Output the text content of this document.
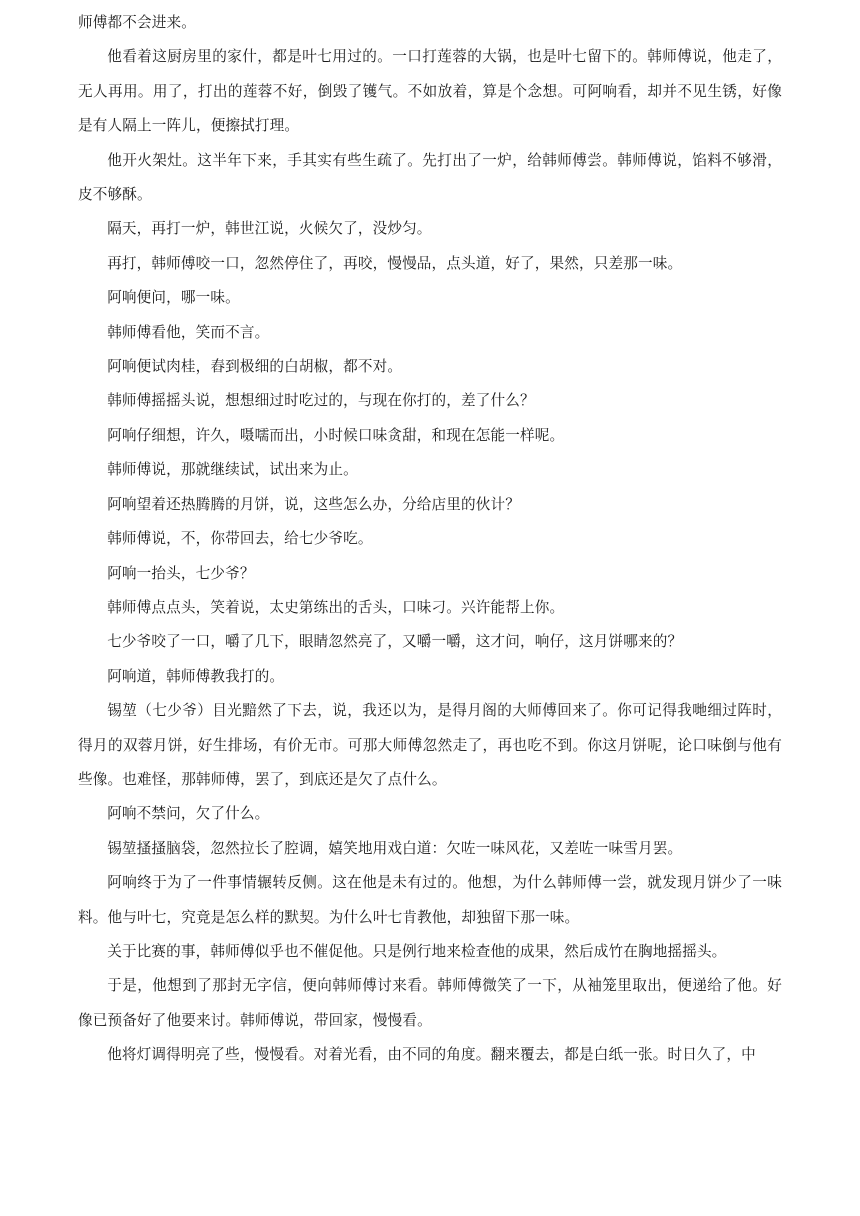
师傅都不会进来。

他看着这厨房里的家什，都是叶七用过的。一口打莲蓉的大锅，也是叶七留下的。韩师傅说，他走了，无人再用。用了，打出的莲蓉不好，倒毁了镬气。不如放着，算是个念想。可阿响看，却并不见生锈，好像是有人隔上一阵儿，便擦拭打理。

他开火架灶。这半年下来，手其实有些生疏了。先打出了一炉，给韩师傅尝。韩师傅说，馅料不够滑，皮不够酥。

隔天，再打一炉，韩世江说，火候欠了，没炒匀。

再打，韩师傅咬一口，忽然停住了，再咬，慢慢品，点头道，好了，果然，只差那一味。

阿响便问，哪一味。

韩师傅看他，笑而不言。

阿响便试肉桂，舂到极细的白胡椒，都不对。

韩师傅摇摇头说，想想细过时吃过的，与现在你打的，差了什么？

阿响仔细想，许久，嗫嚅而出，小时候口味贪甜，和现在怎能一样呢。

韩师傅说，那就继续试，试出来为止。

阿响望着还热腾腾的月饼，说，这些怎么办，分给店里的伙计？

韩师傅说，不，你带回去，给七少爷吃。

阿响一抬头，七少爷？

韩师傅点点头，笑着说，太史第练出的舌头，口味刁。兴许能帮上你。

七少爷咬了一口，嚼了几下，眼睛忽然亮了，又嚼一嚼，这才问，响仔，这月饼哪来的？

阿响道，韩师傅教我打的。

锡堃（七少爷）目光黯然了下去，说，我还以为，是得月阁的大师傅回来了。你可记得我哋细过阵时，得月的双蓉月饼，好生排场，有价无市。可那大师傅忽然走了，再也吃不到。你这月饼呢，论口味倒与他有些像。也难怪，那韩师傅，罢了，到底还是欠了点什么。

阿响不禁问，欠了什么。

锡堃搔搔脑袋，忽然拉长了腔调，嬉笑地用戏白道：欠咗一味风花，又差咗一味雪月罢。

阿响终于为了一件事情辗转反侧。这在他是未有过的。他想，为什么韩师傅一尝，就发现月饼少了一味料。他与叶七，究竟是怎么样的默契。为什么叶七肯教他，却独留下那一味。

关于比赛的事，韩师傅似乎也不催促他。只是例行地来检查他的成果，然后成竹在胸地摇摇头。

于是，他想到了那封无字信，便向韩师傅讨来看。韩师傅微笑了一下，从袖笼里取出，便递给了他。好像已预备好了他要来讨。韩师傅说，带回家，慢慢看。

他将灯调得明亮了些，慢慢看。对着光看，由不同的角度。翻来覆去，都是白纸一张。时日久了，中
